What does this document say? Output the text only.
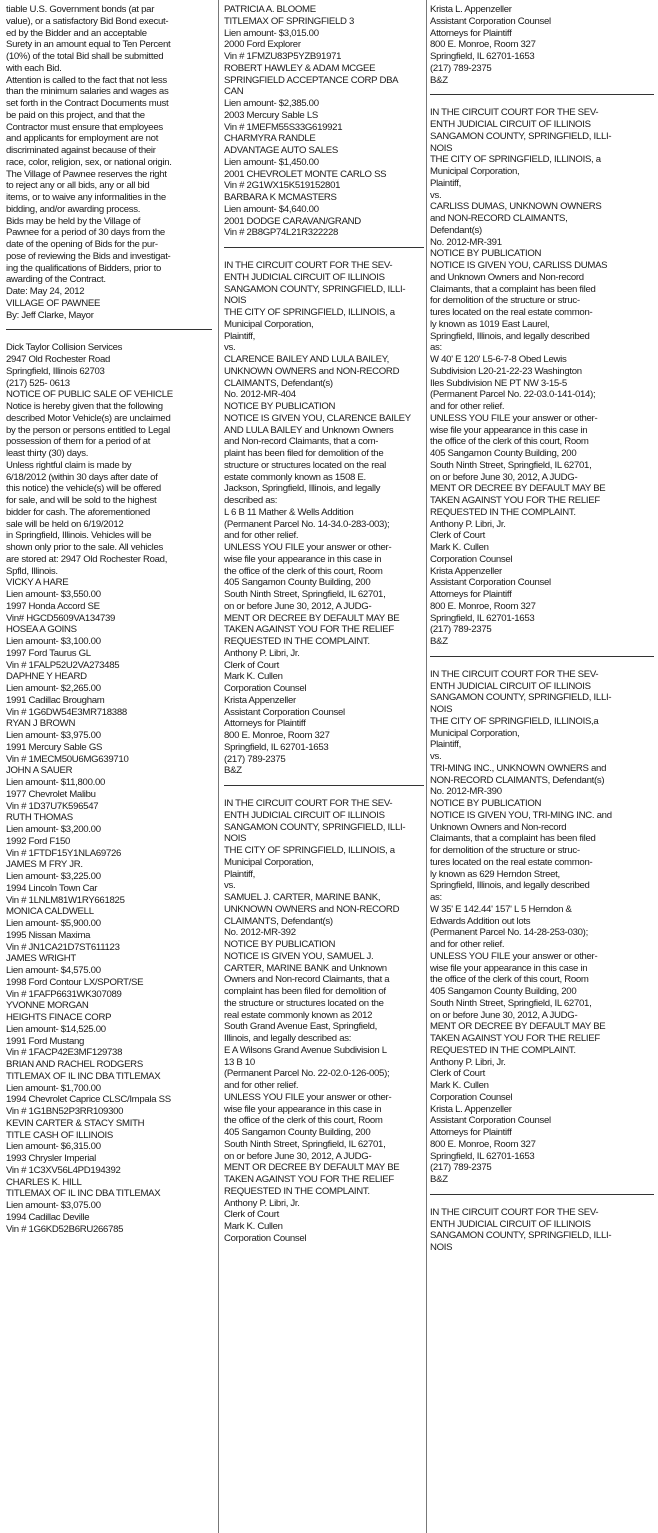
tiable U.S. Government bonds (at par
value), or a satisfactory Bid Bond execut-
ed by the Bidder and an acceptable
Surety in an amount equal to Ten Percent
(10%) of the total Bid shall be submitted
with each Bid.
Attention is called to the fact that not less
than the minimum salaries and wages as
set forth in the Contract Documents must
be paid on this project, and that the
Contractor must ensure that employees
and applicants for employment are not
discriminated against because of their
race, color, religion, sex, or national origin.
The Village of Pawnee reserves the right
to reject any or all bids, any or all bid
items, or to waive any informalities in the
bidding, and/or awarding process.
Bids may be held by the Village of
Pawnee for a period of 30 days from the
date of the opening of Bids for the pur-
pose of reviewing the Bids and investigat-
ing the qualifications of Bidders, prior to
awarding of the Contract.
Date: May 24, 2012
VILLAGE OF PAWNEE
By: Jeff Clarke, Mayor
Dick Taylor Collision Services
2947 Old Rochester Road
Springfield, Illinois 62703
(217) 525- 0613
NOTICE OF PUBLIC SALE OF VEHICLE
Notice is hereby given that the following
described Motor Vehicle(s) are unclaimed
by the person or persons entitled to Legal
possession of them for a period of at
least thirty (30) days.
Unless rightful claim is made by
6/18/2012 (within 30 days after date of
this notice) the vehicle(s) will be offered
for sale, and will be sold to the highest
bidder for cash. The aforementioned
sale will be held on 6/19/2012
in Springfield, Illinois. Vehicles will be
shown only prior to the sale. All vehicles
are stored at: 2947 Old Rochester Road,
Spfld, Illinois.
VICKY A HARE
Lien amount- $3,550.00
1997 Honda Accord SE
Vin# HGCD5609VA134739
HOSEA A GOINS
Lien amount- $3,100.00
1997 Ford Taurus GL
Vin # 1FALP52U2VA273485
DAPHNE Y HEARD
Lien amount- $2,265.00
1991 Cadillac Brougham
Vin # 1G6DW54E3MR718388
RYAN J BROWN
Lien amount- $3,975.00
1991 Mercury Sable GS
Vin # 1MECM50U6MG639710
JOHN A SAUER
Lien amount- $11,800.00
1977 Chevrolet Malibu
Vin # 1D37U7K596547
RUTH THOMAS
Lien amount- $3,200.00
1992 Ford F150
Vin # 1FTDF15Y1NLA69726
JAMES M FRY JR.
Lien amount- $3,225.00
1994 Lincoln Town Car
Vin # 1LNLM81W1RY661825
MONICA CALDWELL
Lien amount- $5,900.00
1995 Nissan Maxima
Vin # JN1CA21D7ST611123
JAMES WRIGHT
Lien amount- $4,575.00
1998 Ford Contour LX/SPORT/SE
Vin # 1FAFP6631WK307089
YVONNE MORGAN
HEIGHTS FINACE CORP
Lien amount- $14,525.00
1991 Ford Mustang
Vin # 1FACP42E3MF129738
BRIAN AND RACHEL RODGERS
TITLEMAX OF IL INC DBA TITLEMAX
Lien amount- $1,700.00
1994 Chevrolet Caprice CLSC/Impala SS
Vin # 1G1BN52P3RR109300
KEVIN CARTER & STACY SMITH
TITLE CASH OF ILLINOIS
Lien amount- $6,315.00
1993 Chrysler Imperial
Vin # 1C3XV56L4PD194392
CHARLES K. HILL
TITLEMAX OF IL INC DBA TITLEMAX
Lien amount- $3,075.00
1994 Cadillac Deville
Vin # 1G6KD52B6RU266785
PATRICIA A. BLOOME
TITLEMAX OF SPRINGFIELD 3
Lien amount- $3,015.00
2000 Ford Explorer
Vin # 1FMZU83P5YZB91971
ROBERT HAWLEY & ADAM MCGEE
SPRINGFIELD ACCEPTANCE CORP DBA
CAN
Lien amount- $2,385.00
2003 Mercury Sable LS
Vin # 1MEFM55S33G619921
CHARMYRA RANDLE
ADVANTAGE AUTO SALES
Lien amount- $1,450.00
2001 CHEVROLET MONTE CARLO SS
Vin # 2G1WX15K519152801
BARBARA K MCMASTERS
Lien amount- $4,640.00
2001 DODGE CARAVAN/GRAND
Vin # 2B8GP74L21R322228
IN THE CIRCUIT COURT FOR THE SEV-
ENTH JUDICIAL CIRCUIT OF ILLINOIS
SANGAMON COUNTY, SPRINGFIELD, ILLI-
NOIS
THE CITY OF SPRINGFIELD, ILLINOIS, a
Municipal Corporation,
Plaintiff,
vs.
CLARENCE BAILEY AND LULA BAILEY,
UNKNOWN OWNERS and NON-RECORD
CLAIMANTS, Defendant(s)
No. 2012-MR-404
NOTICE BY PUBLICATION
NOTICE IS GIVEN YOU, CLARENCE BAILEY
AND LULA BAILEY and Unknown Owners
and Non-record Claimants, that a com-
plaint has been filed for demolition of the
structure or structures located on the real
estate commonly known as 1508 E.
Jackson, Springfield, Illinois, and legally
described as:
L 6 B 11 Mather & Wells Addition
(Permanent Parcel No. 14-34.0-283-003);
and for other relief.
UNLESS YOU FILE your answer or other-
wise file your appearance in this case in
the office of the clerk of this court, Room
405 Sangamon County Building, 200
South Ninth Street, Springfield, IL 62701,
on or before June 30, 2012, A JUDG-
MENT OR DECREE BY DEFAULT MAY BE
TAKEN AGAINST YOU FOR THE RELIEF
REQUESTED IN THE COMPLAINT.
Anthony P. Libri, Jr.
Clerk of Court
Mark K. Cullen
Corporation Counsel
Krista Appenzeller
Assistant Corporation Counsel
Attorneys for Plaintiff
800 E. Monroe, Room 327
Springfield, IL 62701-1653
(217) 789-2375
B&Z
IN THE CIRCUIT COURT FOR THE SEV-
ENTH JUDICIAL CIRCUIT OF ILLINOIS
SANGAMON COUNTY, SPRINGFIELD, ILLI-
NOIS
THE CITY OF SPRINGFIELD, ILLINOIS, a
Municipal Corporation,
Plaintiff,
vs.
SAMUEL J. CARTER, MARINE BANK,
UNKNOWN OWNERS and NON-RECORD
CLAIMANTS, Defendant(s)
No. 2012-MR-392
NOTICE BY PUBLICATION
NOTICE IS GIVEN YOU, SAMUEL J.
CARTER, MARINE BANK and Unknown
Owners and Non-record Claimants, that a
complaint has been filed for demolition of
the structure or structures located on the
real estate commonly known as 2012
South Grand Avenue East, Springfield,
Illinois, and legally described as:
E A Wilsons Grand Avenue Subdivision L
13 B 10
(Permanent Parcel No. 22-02.0-126-005);
and for other relief.
UNLESS YOU FILE your answer or other-
wise file your appearance in this case in
the office of the clerk of this court, Room
405 Sangamon County Building, 200
South Ninth Street, Springfield, IL 62701,
on or before June 30, 2012, A JUDG-
MENT OR DECREE BY DEFAULT MAY BE
TAKEN AGAINST YOU FOR THE RELIEF
REQUESTED IN THE COMPLAINT.
Anthony P. Libri, Jr.
Clerk of Court
Mark K. Cullen
Corporation Counsel
Krista L. Appenzeller
Assistant Corporation Counsel
Attorneys for Plaintiff
800 E. Monroe, Room 327
Springfield, IL 62701-1653
(217) 789-2375
B&Z
IN THE CIRCUIT COURT FOR THE SEV-
ENTH JUDICIAL CIRCUIT OF ILLINOIS
SANGAMON COUNTY, SPRINGFIELD, ILLI-
NOIS
THE CITY OF SPRINGFIELD, ILLINOIS, a
Municipal Corporation,
Plaintiff,
vs.
CARLISS DUMAS, UNKNOWN OWNERS
and NON-RECORD CLAIMANTS,
Defendant(s)
No. 2012-MR-391
NOTICE BY PUBLICATION
NOTICE IS GIVEN YOU, CARLISS DUMAS
and Unknown Owners and Non-record
Claimants, that a complaint has been filed
for demolition of the structure or struc-
tures located on the real estate common-
ly known as 1019 East Laurel,
Springfield, Illinois, and legally described
as:
W 40' E 120' L5-6-7-8 Obed Lewis
Subdivision L20-21-22-23 Washington
Iles Subdivision NE PT NW 3-15-5
(Permanent Parcel No. 22-03.0-141-014);
and for other relief.
UNLESS YOU FILE your answer or other-
wise file your appearance in this case in
the office of the clerk of this court, Room
405 Sangamon County Building, 200
South Ninth Street, Springfield, IL 62701,
on or before June 30, 2012, A JUDG-
MENT OR DECREE BY DEFAULT MAY BE
TAKEN AGAINST YOU FOR THE RELIEF
REQUESTED IN THE COMPLAINT.
Anthony P. Libri, Jr.
Clerk of Court
Mark K. Cullen
Corporation Counsel
Krista Appenzeller
Assistant Corporation Counsel
Attorneys for Plaintiff
800 E. Monroe, Room 327
Springfield, IL 62701-1653
(217) 789-2375
B&Z
IN THE CIRCUIT COURT FOR THE SEV-
ENTH JUDICIAL CIRCUIT OF ILLINOIS
SANGAMON COUNTY, SPRINGFIELD, ILLI-
NOIS
THE CITY OF SPRINGFIELD, ILLINOIS,a
Municipal Corporation,
Plaintiff,
vs.
TRI-MING INC., UNKNOWN OWNERS and
NON-RECORD CLAIMANTS, Defendant(s)
No. 2012-MR-390
NOTICE BY PUBLICATION
NOTICE IS GIVEN YOU, TRI-MING INC. and
Unknown Owners and Non-record
Claimants, that a complaint has been filed
for demolition of the structure or struc-
tures located on the real estate common-
ly known as 629 Herndon Street,
Springfield, Illinois, and legally described
as:
W 35' E 142.44' 157' L 5 Herndon &
Edwards Addition out lots
(Permanent Parcel No. 14-28-253-030);
and for other relief.
UNLESS YOU FILE your answer or other-
wise file your appearance in this case in
the office of the clerk of this court, Room
405 Sangamon County Building, 200
South Ninth Street, Springfield, IL 62701,
on or before June 30, 2012, A JUDG-
MENT OR DECREE BY DEFAULT MAY BE
TAKEN AGAINST YOU FOR THE RELIEF
REQUESTED IN THE COMPLAINT.
Anthony P. Libri, Jr.
Clerk of Court
Mark K. Cullen
Corporation Counsel
Krista L. Appenzeller
Assistant Corporation Counsel
Attorneys for Plaintiff
800 E. Monroe, Room 327
Springfield, IL 62701-1653
(217) 789-2375
B&Z
IN THE CIRCUIT COURT FOR THE SEV-
ENTH JUDICIAL CIRCUIT OF ILLINOIS
SANGAMON COUNTY, SPRINGFIELD, ILLI-
NOIS
